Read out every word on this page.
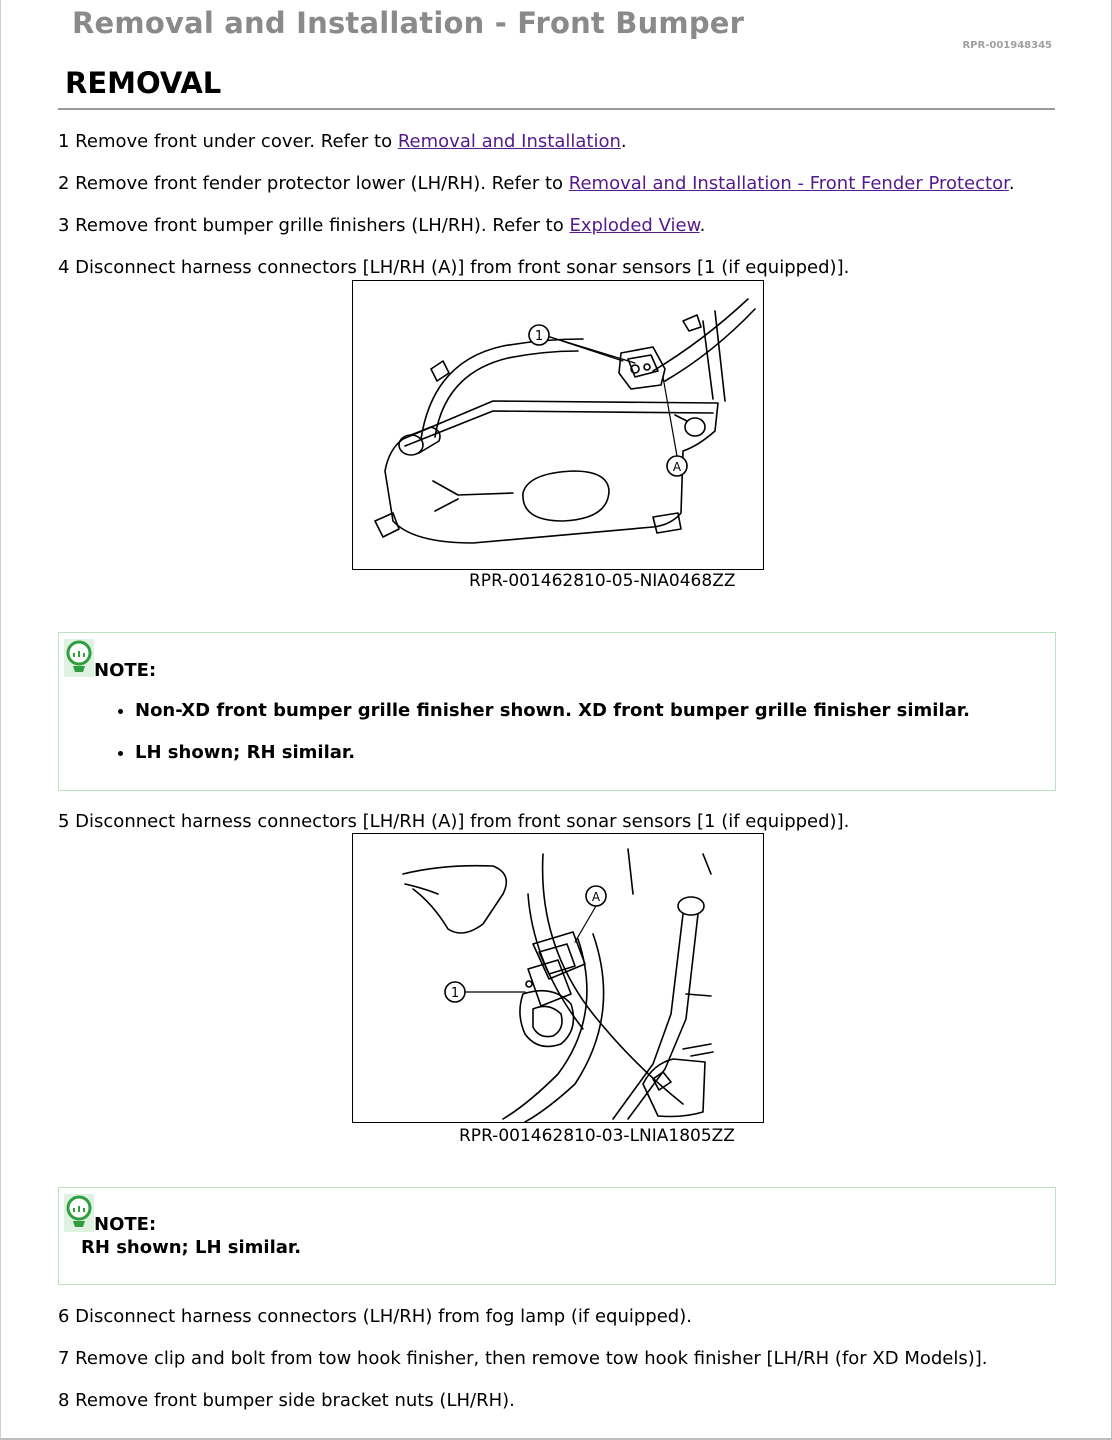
Removal and Installation - Front Bumper
RPR-001948345
REMOVAL
1 Remove front under cover. Refer to Removal and Installation.
2 Remove front fender protector lower (LH/RH). Refer to Removal and Installation - Front Fender Protector.
3 Remove front bumper grille finishers (LH/RH). Refer to Exploded View.
4 Disconnect harness connectors [LH/RH (A)] from front sonar sensors [1 (if equipped)].
1
A
RPR-001462810-05-NIA0468ZZ
NOTE:
• Non-XD front bumper grille finisher shown. XD front bumper grille finisher similar.
• LH shown; RH similar.
5 Disconnect harness connectors [LH/RH (A)] from front sonar sensors [1 (if equipped)].
1
A
RPR-001462810-03-LNIA1805ZZ
NOTE:
RH shown; LH similar.
6 Disconnect harness connectors (LH/RH) from fog lamp (if equipped).
7 Remove clip and bolt from tow hook finisher, then remove tow hook finisher [LH/RH (for XD Models)].
8 Remove front bumper side bracket nuts (LH/RH).
